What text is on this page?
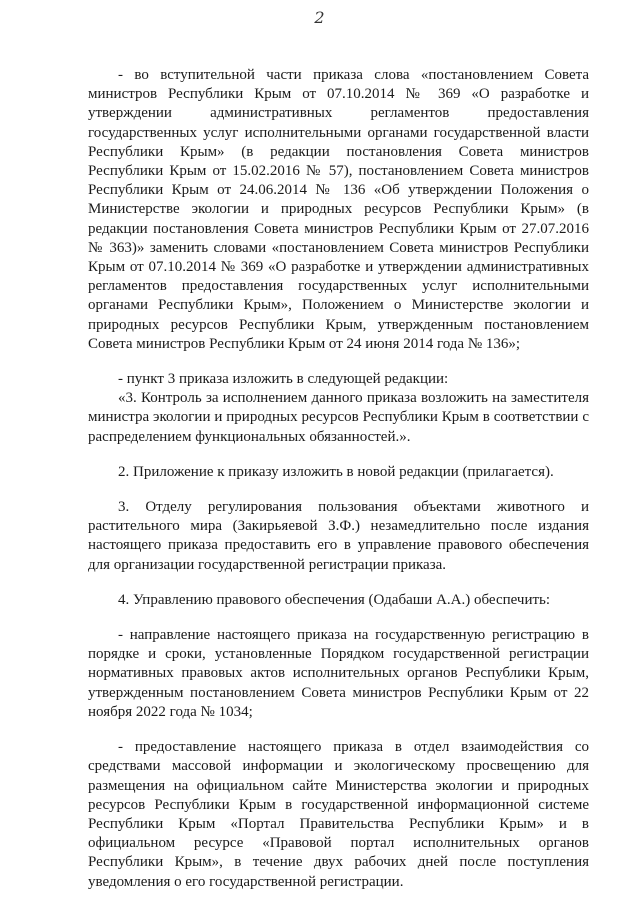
2

- во вступительной части приказа слова «постановлением Совета министров Республики Крым от 07.10.2014 № 369 «О разработке и утверждении административных регламентов предоставления государственных услуг исполнительными органами государственной власти Республики Крым» (в редакции постановления Совета министров Республики Крым от 15.02.2016 № 57), постановлением Совета министров Республики Крым от 24.06.2014 № 136 «Об утверждении Положения о Министерстве экологии и природных ресурсов Республики Крым» (в редакции постановления Совета министров Республики Крым от 27.07.2016 № 363)» заменить словами «постановлением Совета министров Республики Крым от 07.10.2014 № 369 «О разработке и утверждении административных регламентов предоставления государственных услуг исполнительными органами Республики Крым», Положением о Министерстве экологии и природных ресурсов Республики Крым, утвержденным постановлением Совета министров Республики Крым от 24 июня 2014 года № 136»;

- пункт 3 приказа изложить в следующей редакции:

«3. Контроль за исполнением данного приказа возложить на заместителя министра экологии и природных ресурсов Республики Крым в соответствии с распределением функциональных обязанностей.».

2. Приложение к приказу изложить в новой редакции (прилагается).

3. Отделу регулирования пользования объектами животного и растительного мира (Закирьяевой З.Ф.) незамедлительно после издания настоящего приказа предоставить его в управление правового обеспечения для организации государственной регистрации приказа.

4. Управлению правового обеспечения (Одабаши А.А.) обеспечить:

- направление настоящего приказа на государственную регистрацию в порядке и сроки, установленные Порядком государственной регистрации нормативных правовых актов исполнительных органов Республики Крым, утвержденным постановлением Совета министров Республики Крым от 22 ноября 2022 года № 1034;

- предоставление настоящего приказа в отдел взаимодействия со средствами массовой информации и экологическому просвещению для размещения на официальном сайте Министерства экологии и природных ресурсов Республики Крым в государственной информационной системе Республики Крым «Портал Правительства Республики Крым» и в официальном ресурсе «Правовой портал исполнительных органов Республики Крым», в течение двух рабочих дней после поступления уведомления о его государственной регистрации.
